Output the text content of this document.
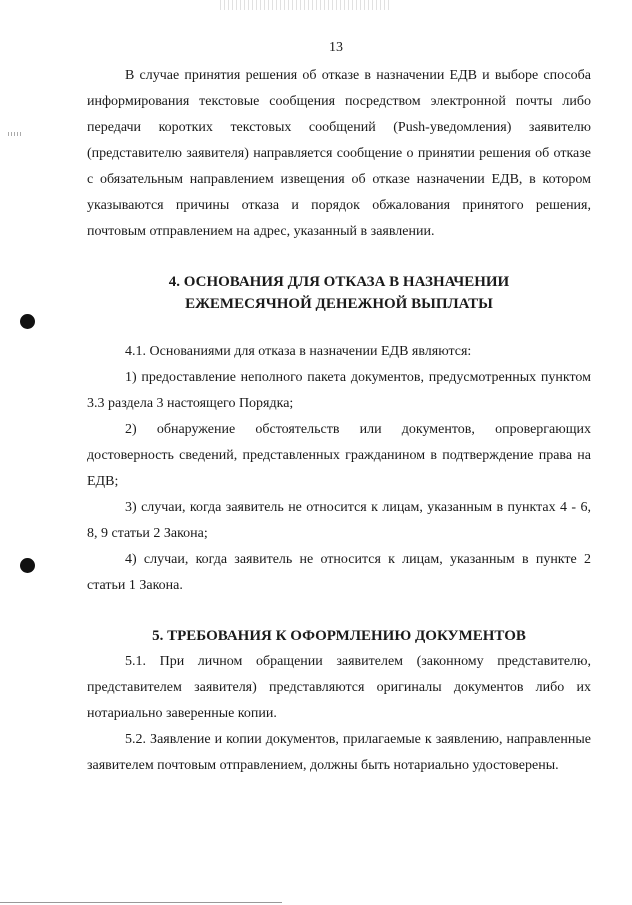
13

В случае принятия решения об отказе в назначении ЕДВ и выборе способа информирования текстовые сообщения посредством электронной почты либо передачи коротких текстовых сообщений (Push-уведомления) заявителю (представителю заявителя) направляется сообщение о принятии решения об отказе с обязательным направлением извещения об отказе назначении ЕДВ, в котором указываются причины отказа и порядок обжалования принятого решения, почтовым отправлением на адрес, указанный в заявлении.

4. ОСНОВАНИЯ ДЛЯ ОТКАЗА В НАЗНАЧЕНИИ
ЕЖЕМЕСЯЧНОЙ ДЕНЕЖНОЙ ВЫПЛАТЫ

4.1. Основаниями для отказа в назначении ЕДВ являются:

1) предоставление неполного пакета документов, предусмотренных пунктом 3.3 раздела 3 настоящего Порядка;

2) обнаружение обстоятельств или документов, опровергающих достоверность сведений, представленных гражданином в подтверждение права на ЕДВ;

3) случаи, когда заявитель не относится к лицам, указанным в пунктах 4 - 6, 8, 9 статьи 2 Закона;

4) случаи, когда заявитель не относится к лицам, указанным в пункте 2 статьи 1 Закона.

5. ТРЕБОВАНИЯ К ОФОРМЛЕНИЮ ДОКУМЕНТОВ

5.1. При личном обращении заявителем (законному представителю, представителем заявителя) представляются оригиналы документов либо их нотариально заверенные копии.

5.2. Заявление и копии документов, прилагаемые к заявлению, направленные заявителем почтовым отправлением, должны быть нотариально удостоверены.
